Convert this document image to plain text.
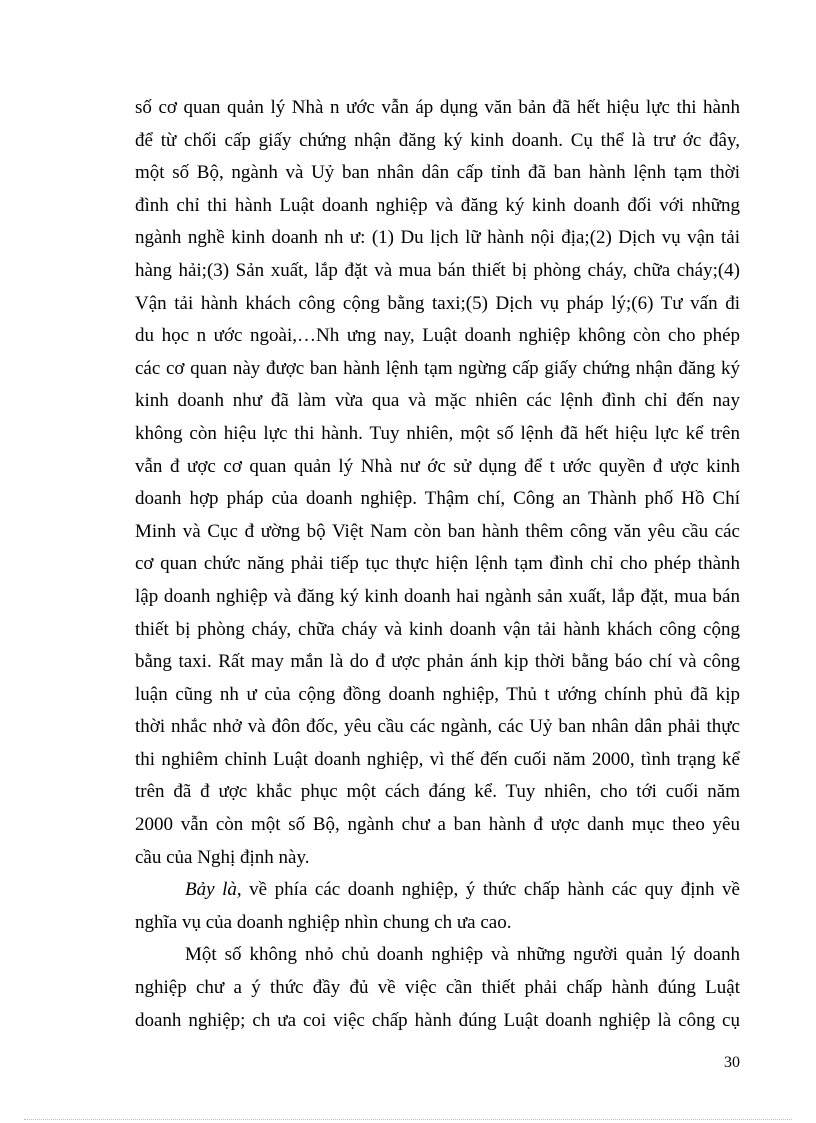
số cơ quan quản lý Nhà n ước vẫn áp dụng văn bản đã hết hiệu lực thi hành
để từ chối cấp giấy chứng nhận đăng ký kinh doanh. Cụ thể là trư ớc đây,
một số Bộ, ngành và Uỷ ban nhân dân cấp tỉnh đã ban hành lệnh tạm thời
đình chỉ thi hành Luật doanh nghiệp và đăng ký kinh doanh đối với những
ngành nghề kinh doanh nh ư: (1) Du lịch lữ hành nội địa;(2) Dịch vụ vận tải
hàng hải;(3) Sản xuất, lắp đặt và mua bán thiết bị phòng cháy, chữa cháy;(4)
Vận tải hành khách công cộng bằng taxi;(5) Dịch vụ pháp lý;(6) Tư vấn đi
du học n ước ngoài,…Nh ưng nay, Luật doanh nghiệp không còn cho phép
các cơ quan này được ban hành lệnh tạm ngừng cấp giấy chứng nhận đăng ký
kinh doanh như đã làm vừa qua và mặc nhiên các lệnh đình chỉ đến nay
không còn hiệu lực thi hành. Tuy nhiên, một số lệnh đã hết hiệu lực kể trên
vẫn đ ược cơ quan quản lý Nhà nư ớc sử dụng để t ước quyền đ ược kinh
doanh hợp pháp của doanh nghiệp. Thậm chí, Công an Thành phố Hồ Chí
Minh và Cục đ ường bộ Việt Nam còn ban hành thêm công văn yêu cầu các
cơ quan chức năng phải tiếp tục thực hiện lệnh tạm đình chỉ cho phép thành
lập doanh nghiệp và đăng ký kinh doanh hai ngành sản xuất, lắp đặt, mua bán
thiết bị phòng cháy, chữa cháy và kinh doanh vận tải hành khách công cộng
bằng taxi. Rất may mắn là do đ ược phản ánh kịp thời bằng báo chí và công
luận cũng nh ư của cộng đồng doanh nghiệp, Thủ t ướng chính phủ đã kịp
thời nhắc nhở và đôn đốc, yêu cầu các ngành, các Uỷ ban nhân dân phải thực
thi nghiêm chỉnh Luật doanh nghiệp, vì thế đến cuối năm 2000, tình trạng kể
trên đã đ ược khắc phục một cách đáng kể. Tuy nhiên, cho tới cuối năm
2000 vẫn còn một số Bộ, ngành chư a ban hành đ ược danh mục theo yêu
cầu của Nghị định này.
Bảy là, về phía các doanh nghiệp, ý thức chấp hành các quy định về
nghĩa vụ của doanh nghiệp nhìn chung ch ưa cao.
Một số không nhỏ chủ doanh nghiệp và những người quản lý doanh
nghiệp chư a ý thức đầy đủ về việc cần thiết phải chấp hành đúng Luật
doanh nghiệp; ch ưa coi việc chấp hành đúng Luật doanh nghiệp là công cụ
30
